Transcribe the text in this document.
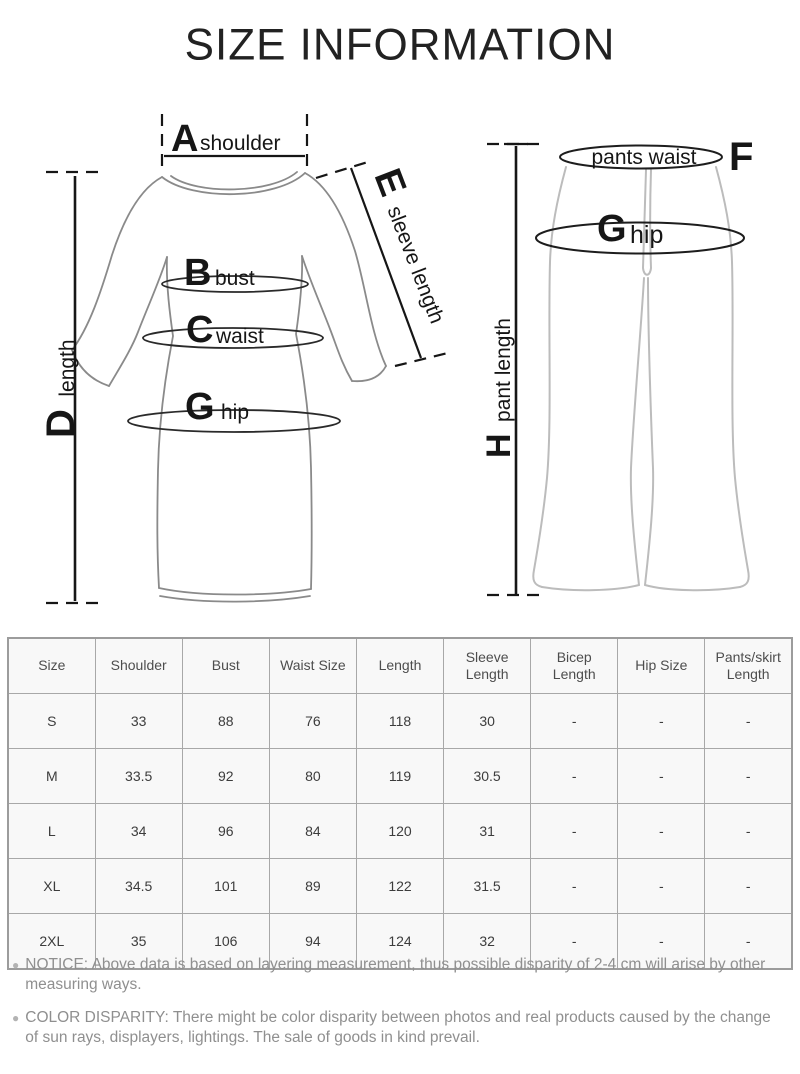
SIZE INFORMATION
A shoulder
B bust
C waist
G hip
D length
E sleeve length
pants waist F
G hip
H pant length
Size	Shoulder	Bust	Waist Size	Length	Sleeve Length	Bicep Length	Hip Size	Pants/skirt Length
S	33	88	76	118	30	-	-	-
M	33.5	92	80	119	30.5	-	-	-
L	34	96	84	120	31	-	-	-
XL	34.5	101	89	122	31.5	-	-	-
2XL	35	106	94	124	32	-	-	-
● NOTICE: Above data is based on layering measurement, thus possible disparity of 2-4 cm will arise by other measuring ways.
● COLOR DISPARITY: There might be color disparity between photos and real products caused by the change of sun rays, displayers, lightings. The sale of goods in kind prevail.
